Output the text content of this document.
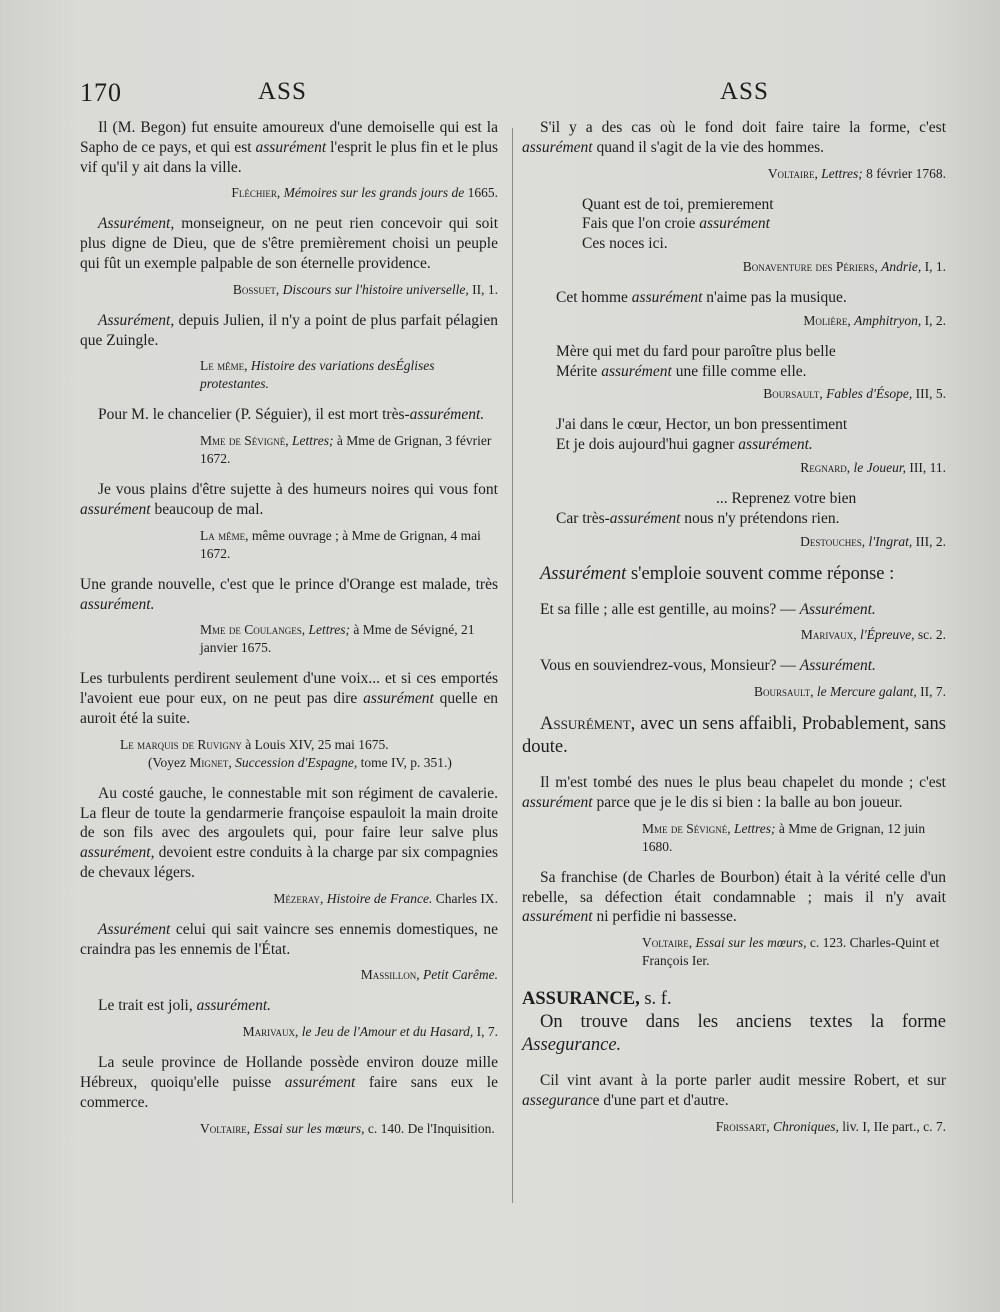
170	ASS	ASS

Il (M. Begon) fut ensuite amoureux d'une demoiselle qui est la Sapho de ce pays, et qui est assurément l'esprit le plus fin et le plus vif qu'il y ait dans la ville.

Fléchier, Mémoires sur les grands jours de 1665.

Assurément, monseigneur, on ne peut rien concevoir qui soit plus digne de Dieu, que de s'être premièrement choisi un peuple qui fût un exemple palpable de son éternelle providence.

Bossuet, Discours sur l'histoire universelle, II, 1.

Assurément, depuis Julien, il n'y a point de plus parfait pélagien que Zuingle.

Le même, Histoire des variations desÉglises protestantes.

Pour M. le chancelier (P. Séguier), il est mort très-assurément.

Mme de Sévigné, Lettres; à Mme de Grignan, 3 février 1672.

Je vous plains d'être sujette à des humeurs noires qui vous font assurément beaucoup de mal.

La même, même ouvrage ; à Mme de Grignan, 4 mai 1672.

Une grande nouvelle, c'est que le prince d'Orange est malade, très assurément.

Mme de Coulanges, Lettres; à Mme de Sévigné, 21 janvier 1675.

Les turbulents perdirent seulement d'une voix... et si ces emportés l'avoient eue pour eux, on ne peut pas dire assurément quelle en auroit été la suite.

Le marquis de Ruvigny à Louis XIV, 25 mai 1675.
(Voyez Mignet, Succession d'Espagne, tome IV, p. 351.)

Au costé gauche, le connestable mit son régiment de cavalerie. La fleur de toute la gendarmerie françoise espauloit la main droite de son fils avec des argoulets qui, pour faire leur salve plus assurément, devoient estre conduits à la charge par six compagnies de chevaux légers.

Mézeray, Histoire de France. Charles IX.

Assurément celui qui sait vaincre ses ennemis domestiques, ne craindra pas les ennemis de l'État.

Massillon, Petit Carême.

Le trait est joli, assurément.

Marivaux, le Jeu de l'Amour et du Hasard, I, 7.

La seule province de Hollande possède environ douze mille Hébreux, quoiqu'elle puisse assurément faire sans eux le commerce.

Voltaire, Essai sur les mœurs, c. 140. De l'Inquisition.

S'il y a des cas où le fond doit faire taire la forme, c'est assurément quand il s'agit de la vie des hommes.

Voltaire, Lettres; 8 février 1768.

Quant est de toi, premierement

Fais que l'on croie assurément

Ces noces ici.

Bonaventure des Périers, Andrie, I, 1.

Cet homme assurément n'aime pas la musique.

Molière, Amphitryon, I, 2.

Mère qui met du fard pour paroître plus belle

Mérite assurément une fille comme elle.

Boursault, Fables d'Ésope, III, 5.

J'ai dans le cœur, Hector, un bon pressentiment

Et je dois aujourd'hui gagner assurément.

Regnard, le Joueur, III, 11.

... Reprenez votre bien

Car très-assurément nous n'y prétendons rien.

Destouches, l'Ingrat, III, 2.

Assurément s'emploie souvent comme réponse :

Et sa fille ; alle est gentille, au moins? — Assurément.

Marivaux, l'Épreuve, sc. 2.

Vous en souviendrez-vous, Monsieur? — Assurément.

Boursault, le Mercure galant, II, 7.

Assurément, avec un sens affaibli, Probablement, sans doute.

Il m'est tombé des nues le plus beau chapelet du monde ; c'est assurément parce que je le dis si bien : la balle au bon joueur.

Mme de Sévigné, Lettres; à Mme de Grignan, 12 juin 1680.

Sa franchise (de Charles de Bourbon) était à la vérité celle d'un rebelle, sa défection était condamnable ; mais il n'y avait assurément ni perfidie ni bassesse.

Voltaire, Essai sur les mœurs, c. 123. Charles-Quint et François Ier.

ASSURANCE, s. f.
On trouve dans les anciens textes la forme Assegurance.

Cil vint avant à la porte parler audit messire Robert, et sur assegurance d'une part et d'autre.

Froissart, Chroniques, liv. I, IIe part., c. 7.
